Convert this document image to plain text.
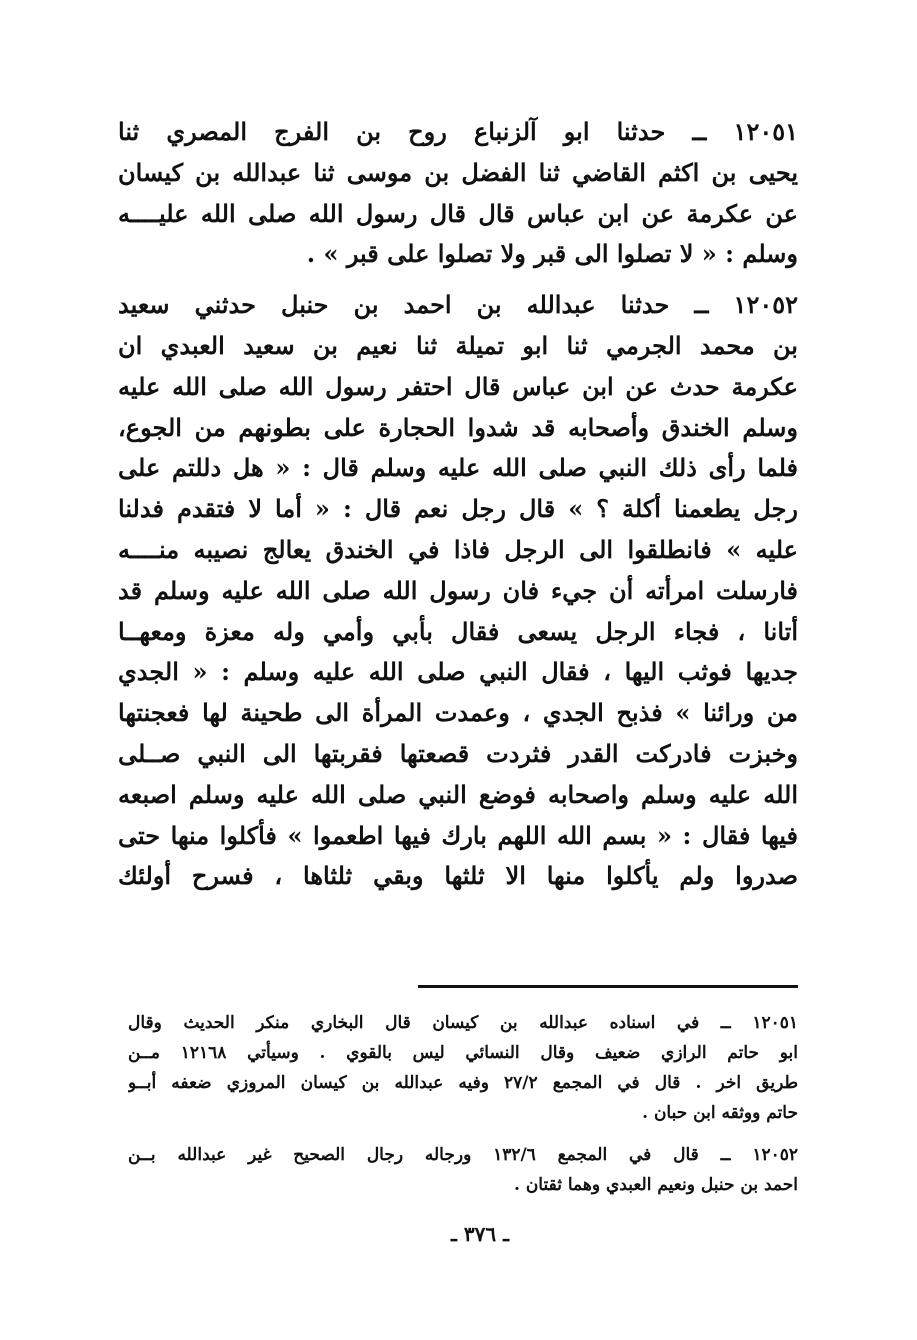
١٢٠٥١ ــ حدثنا ابو آلزنباع روح بن الفرج المصري ثنا
يحيى بن اكثم القاضي ثنا الفضل بن موسى ثنا عبدالله بن كيسان
عن عكرمة عن ابن عباس قال قال رسول الله صلى الله عليــــه
وسلم : « لا تصلوا الى قبر ولا تصلوا على قبر » .
١٢٠٥٢ ــ حدثنا عبدالله بن احمد بن حنبل حدثني سعيد
بن محمد الجرمي ثنا ابو تميلة ثنا نعيم بن سعيد العبدي ان
عكرمة حدث عن ابن عباس قال احتفر رسول الله صلى الله عليه
وسلم الخندق وأصحابه قد شدوا الحجارة على بطونهم من الجوع،
فلما رأى ذلك النبي صلى الله عليه وسلم قال : « هل دللتم على
رجل يطعمنا أكلة ؟ » قال رجل نعم قال : « أما لا فتقدم فدلنا
عليه » فانطلقوا الى الرجل فاذا في الخندق يعالج نصيبه منــــه
فارسلت امرأته أن جيء فان رسول الله صلى الله عليه وسلم قد
أتانا ، فجاء الرجل يسعى فقال بأبي وأمي وله معزة ومعهــا
جديها فوثب اليها ، فقال النبي صلى الله عليه وسلم : « الجدي
من ورائنا » فذبح الجدي ، وعمدت المرأة الى طحينة لها فعجنتها
وخبزت فادركت القدر فثردت قصعتها فقربتها الى النبي صــلى
الله عليه وسلم واصحابه فوضع النبي صلى الله عليه وسلم اصبعه
فيها فقال : « بسم الله اللهم بارك فيها اطعموا » فأكلوا منها حتى
صدروا ولم يأكلوا منها الا ثلثها وبقي ثلثاها ، فسرح أولئك
١٢٠٥١ ــ في اسناده عبدالله بن كيسان قال البخاري منكر الحديث وقال
ابو حاتم الرازي ضعيف وقال النسائي ليس بالقوي . وسيأتي ١٢١٦٨ مــن
طريق اخر . قال في المجمع ٢٧/٢ وفيه عبدالله بن كيسان المروزي ضعفه أبــو
حاتم ووثقه ابن حبان .
١٢٠٥٢ ــ قال في المجمع ١٣٢/٦ ورجاله رجال الصحيح غير عبدالله بــن
احمد بن حنبل ونعيم العبدي وهما ثقتان .
ـ ٣٧٦ ـ
